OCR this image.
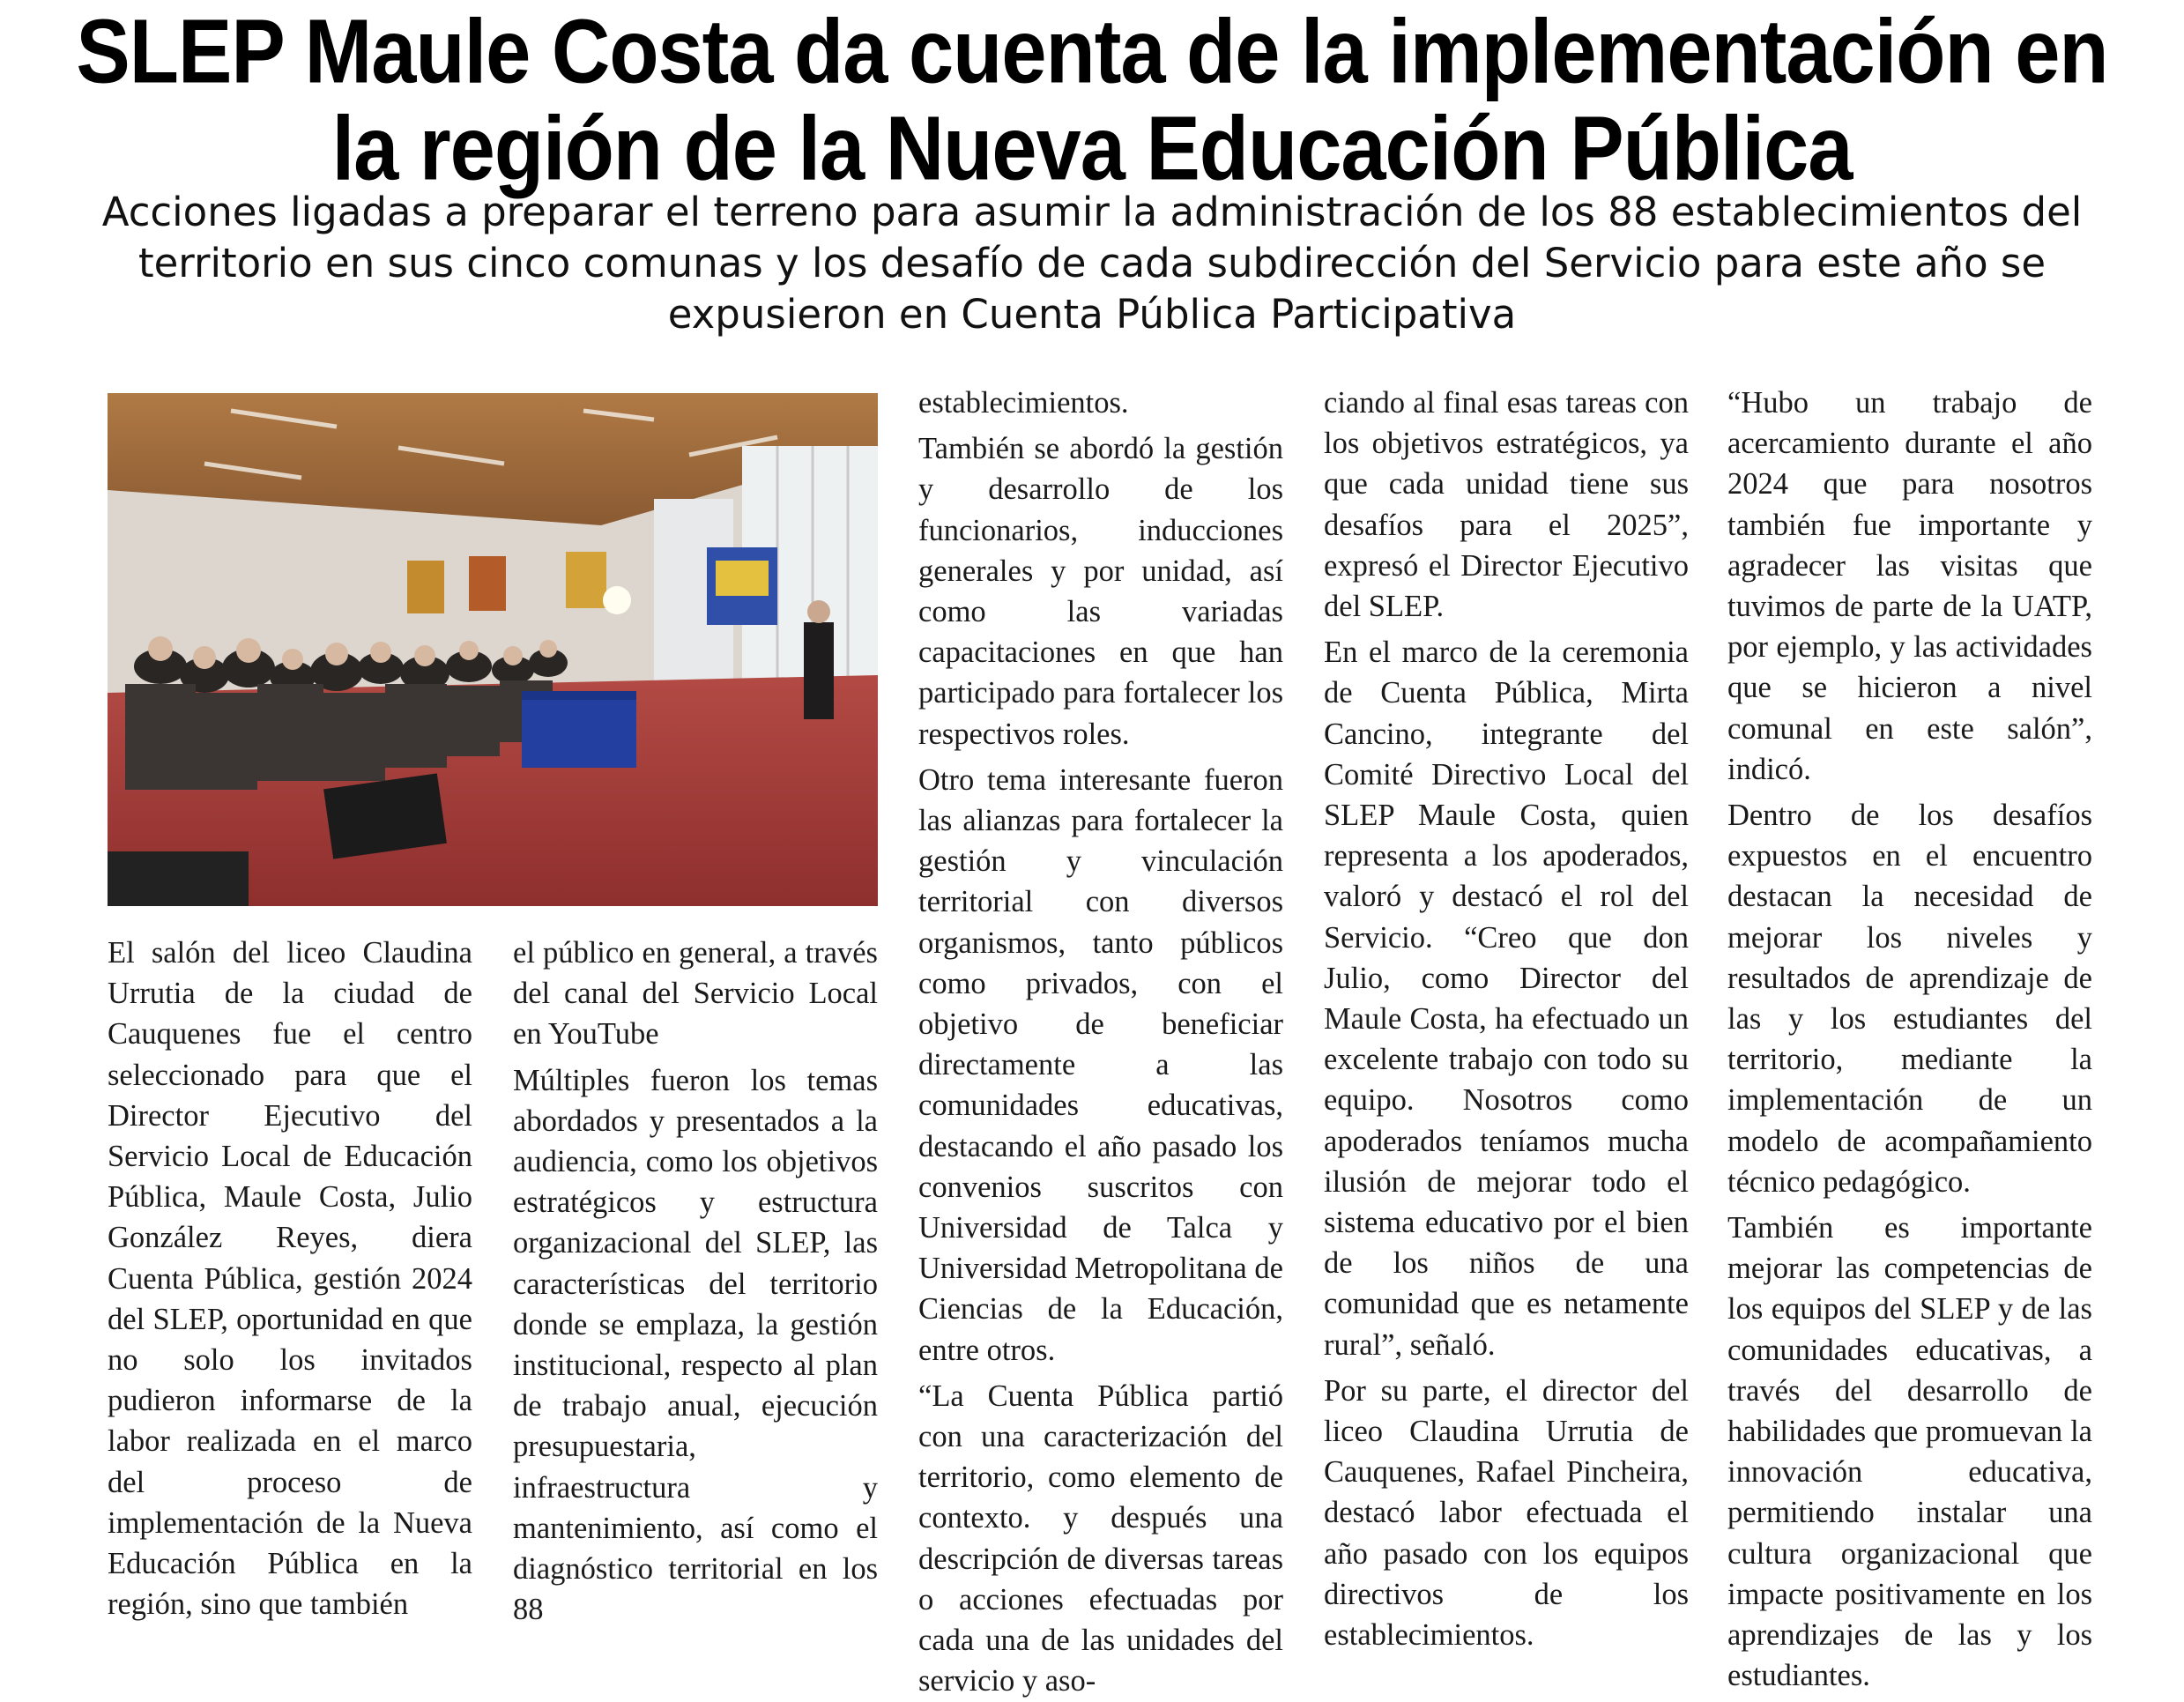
SLEP Maule Costa da cuenta de la implementación en la región de la Nueva Educación Pública
Acciones ligadas a preparar el terreno para asumir la administración de los 88 establecimientos del territorio en sus cinco comunas y los desafío de cada subdirección del Servicio para este año se expusieron en Cuenta Pública Participativa

El salón del liceo Claudina Urrutia de la ciudad de Cauquenes fue el centro seleccionado para que el Director Ejecutivo del Servicio Local de Educación Pública, Maule Costa, Julio González Reyes, diera Cuenta Pública, gestión 2024 del SLEP, oportunidad en que no solo los invitados pudieron informarse de la labor realizada en el marco del proceso de implementación de la Nueva Educación Pública en la región, sino que también

el público en general, a través del canal del Servicio Local en YouTube

Múltiples fueron los temas abordados y presentados a la audiencia, como los objetivos estratégicos y estructura organizacional del SLEP, las características del territorio donde se emplaza, la gestión institucional, respecto al plan de trabajo anual, ejecución presupuestaria, infraestructura y mantenimiento, así como el diagnóstico territorial en los 88

establecimientos.

También se abordó la gestión y desarrollo de los funcionarios, inducciones generales y por unidad, así como las variadas capacitaciones en que han participado para fortalecer los respectivos roles.

Otro tema interesante fueron las alianzas para fortalecer la gestión y vinculación territorial con diversos organismos, tanto públicos como privados, con el objetivo de beneficiar directamente a las comunidades educativas, destacando el año pasado los convenios suscritos con Universidad de Talca y Universidad Metropolitana de Ciencias de la Educación, entre otros.

“La Cuenta Pública partió con una caracterización del territorio, como elemento de contexto. y después una descripción de diversas tareas o acciones efectuadas por cada una de las unidades del servicio y aso-

ciando al final esas tareas con los objetivos estratégicos, ya que cada unidad tiene sus desafíos para el 2025”, expresó el Director Ejecutivo del SLEP.

En el marco de la ceremonia de Cuenta Pública, Mirta Cancino, integrante del Comité Directivo Local del SLEP Maule Costa, quien representa a los apoderados, valoró y destacó el rol del Servicio. “Creo que don Julio, como Director del Maule Costa, ha efectuado un excelente trabajo con todo su equipo. Nosotros como apoderados teníamos mucha ilusión de mejorar todo el sistema educativo por el bien de los niños de una comunidad que es netamente rural”, señaló.

Por su parte, el director del liceo Claudina Urrutia de Cauquenes, Rafael Pincheira, destacó labor efectuada el año pasado con los equipos directivos de los establecimientos.

“Hubo un trabajo de acercamiento durante el año 2024 que para nosotros también fue importante y agradecer las visitas que tuvimos de parte de la UATP, por ejemplo, y las actividades que se hicieron a nivel comunal en este salón”, indicó.

Dentro de los desafíos expuestos en el encuentro destacan la necesidad de mejorar los niveles y resultados de aprendizaje de las y los estudiantes del territorio, mediante la implementación de un modelo de acompañamiento técnico pedagógico.

También es importante mejorar las competencias de los equipos del SLEP y de las comunidades educativas, a través del desarrollo de habilidades que promuevan la innovación educativa, permitiendo instalar una cultura organizacional que impacte positivamente en los aprendizajes de las y los estudiantes.
